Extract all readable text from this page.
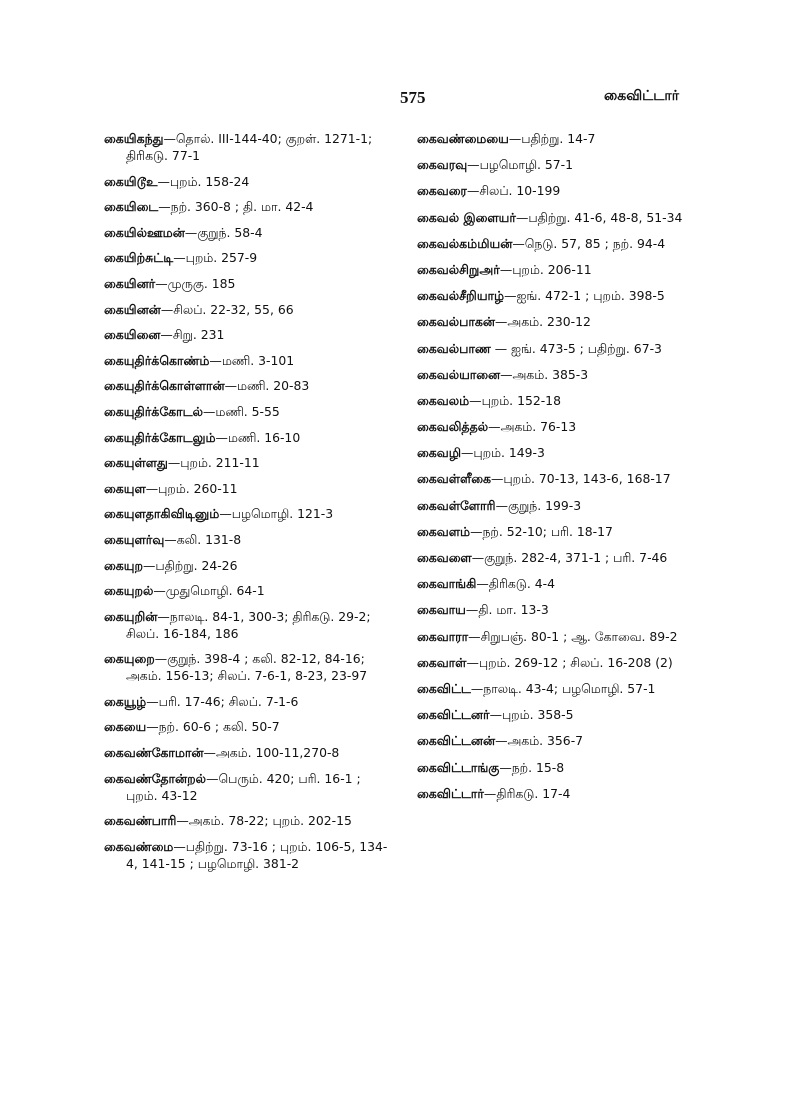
575	கைவிட்டார்
கையிகந்து—தொல். III-144-40; குறள். 1271-1; திரிகடு. 77-1
கையிடூஉ—புறம். 158-24
கையிடை—நற். 360-8 ; தி. மா. 42-4
கையில்ஊமன்—குறுந். 58-4
கையிற்சுட்டி—புறம். 257-9
கையினர்—முருகு. 185
கையினன்—சிலப். 22-32, 55, 66
கையினை—சிறு. 231
கையுதிர்க்கொண்ம்—மணி. 3-101
கையுதிர்க்கொள்ளான்—மணி. 20-83
கையுதிர்க்கோடல்—மணி. 5-55
கையுதிர்க்கோடலும்—மணி. 16-10
கையுள்ளது—புறம். 211-11
கையுள—புறம். 260-11
கையுளதாகிவிடினும்—பழமொழி. 121-3
கையுளர்வு—கலி. 131-8
கையுற—பதிற்று. 24-26
கையுறல்—முதுமொழி. 64-1
கையுறின்—நாலடி. 84-1, 300-3; திரிகடு. 29-2; சிலப். 16-184, 186
கையுறை—குறுந். 398-4 ; கலி. 82-12, 84-16; அகம். 156-13; சிலப். 7-6-1, 8-23, 23-97
கையூழ்—பரி. 17-46; சிலப். 7-1-6
கையை—நற். 60-6 ; கலி. 50-7
கைவண்கோமான்—அகம். 100-11,270-8
கைவண்தோன்றல்—பெரும். 420; பரி. 16-1 ; புறம். 43-12
கைவண்பாரி—அகம். 78-22; புறம். 202-15
கைவண்மை—பதிற்று. 73-16 ; புறம். 106-5, 134-4, 141-15 ; பழமொழி. 381-2
கைவண்மையை—பதிற்று. 14-7
கைவரவு—பழமொழி. 57-1
கைவரை—சிலப். 10-199
கைவல் இளையர்—பதிற்று. 41-6, 48-8, 51-34
கைவல்கம்மியன்—நெடு. 57, 85 ; நற். 94-4
கைவல்சிறுஅர்—புறம். 206-11
கைவல்சீறியாழ்—ஐங். 472-1 ; புறம். 398-5
கைவல்பாகன்—அகம். 230-12
கைவல்பாண — ஐங். 473-5 ; பதிற்று. 67-3
கைவல்யானை—அகம். 385-3
கைவலம்—புறம். 152-18
கைவலித்தல்—அகம். 76-13
கைவழி—புறம். 149-3
கைவள்ளீகை—புறம். 70-13, 143-6, 168-17
கைவள்ளோரி—குறுந். 199-3
கைவளம்—நற். 52-10; பரி. 18-17
கைவளை—குறுந். 282-4, 371-1 ; பரி. 7-46
கைவாங்கி—திரிகடு. 4-4
கைவாய—தி. மா. 13-3
கைவாரா—சிறுபஞ். 80-1 ; ஆ. கோவை. 89-2
கைவாள்—புறம். 269-12 ; சிலப். 16-208 (2)
கைவிட்ட—நாலடி. 43-4; பழமொழி. 57-1
கைவிட்டனர்—புறம். 358-5
கைவிட்டனன்—அகம். 356-7
கைவிட்டாங்கு—நற். 15-8
கைவிட்டார்—திரிகடு. 17-4
